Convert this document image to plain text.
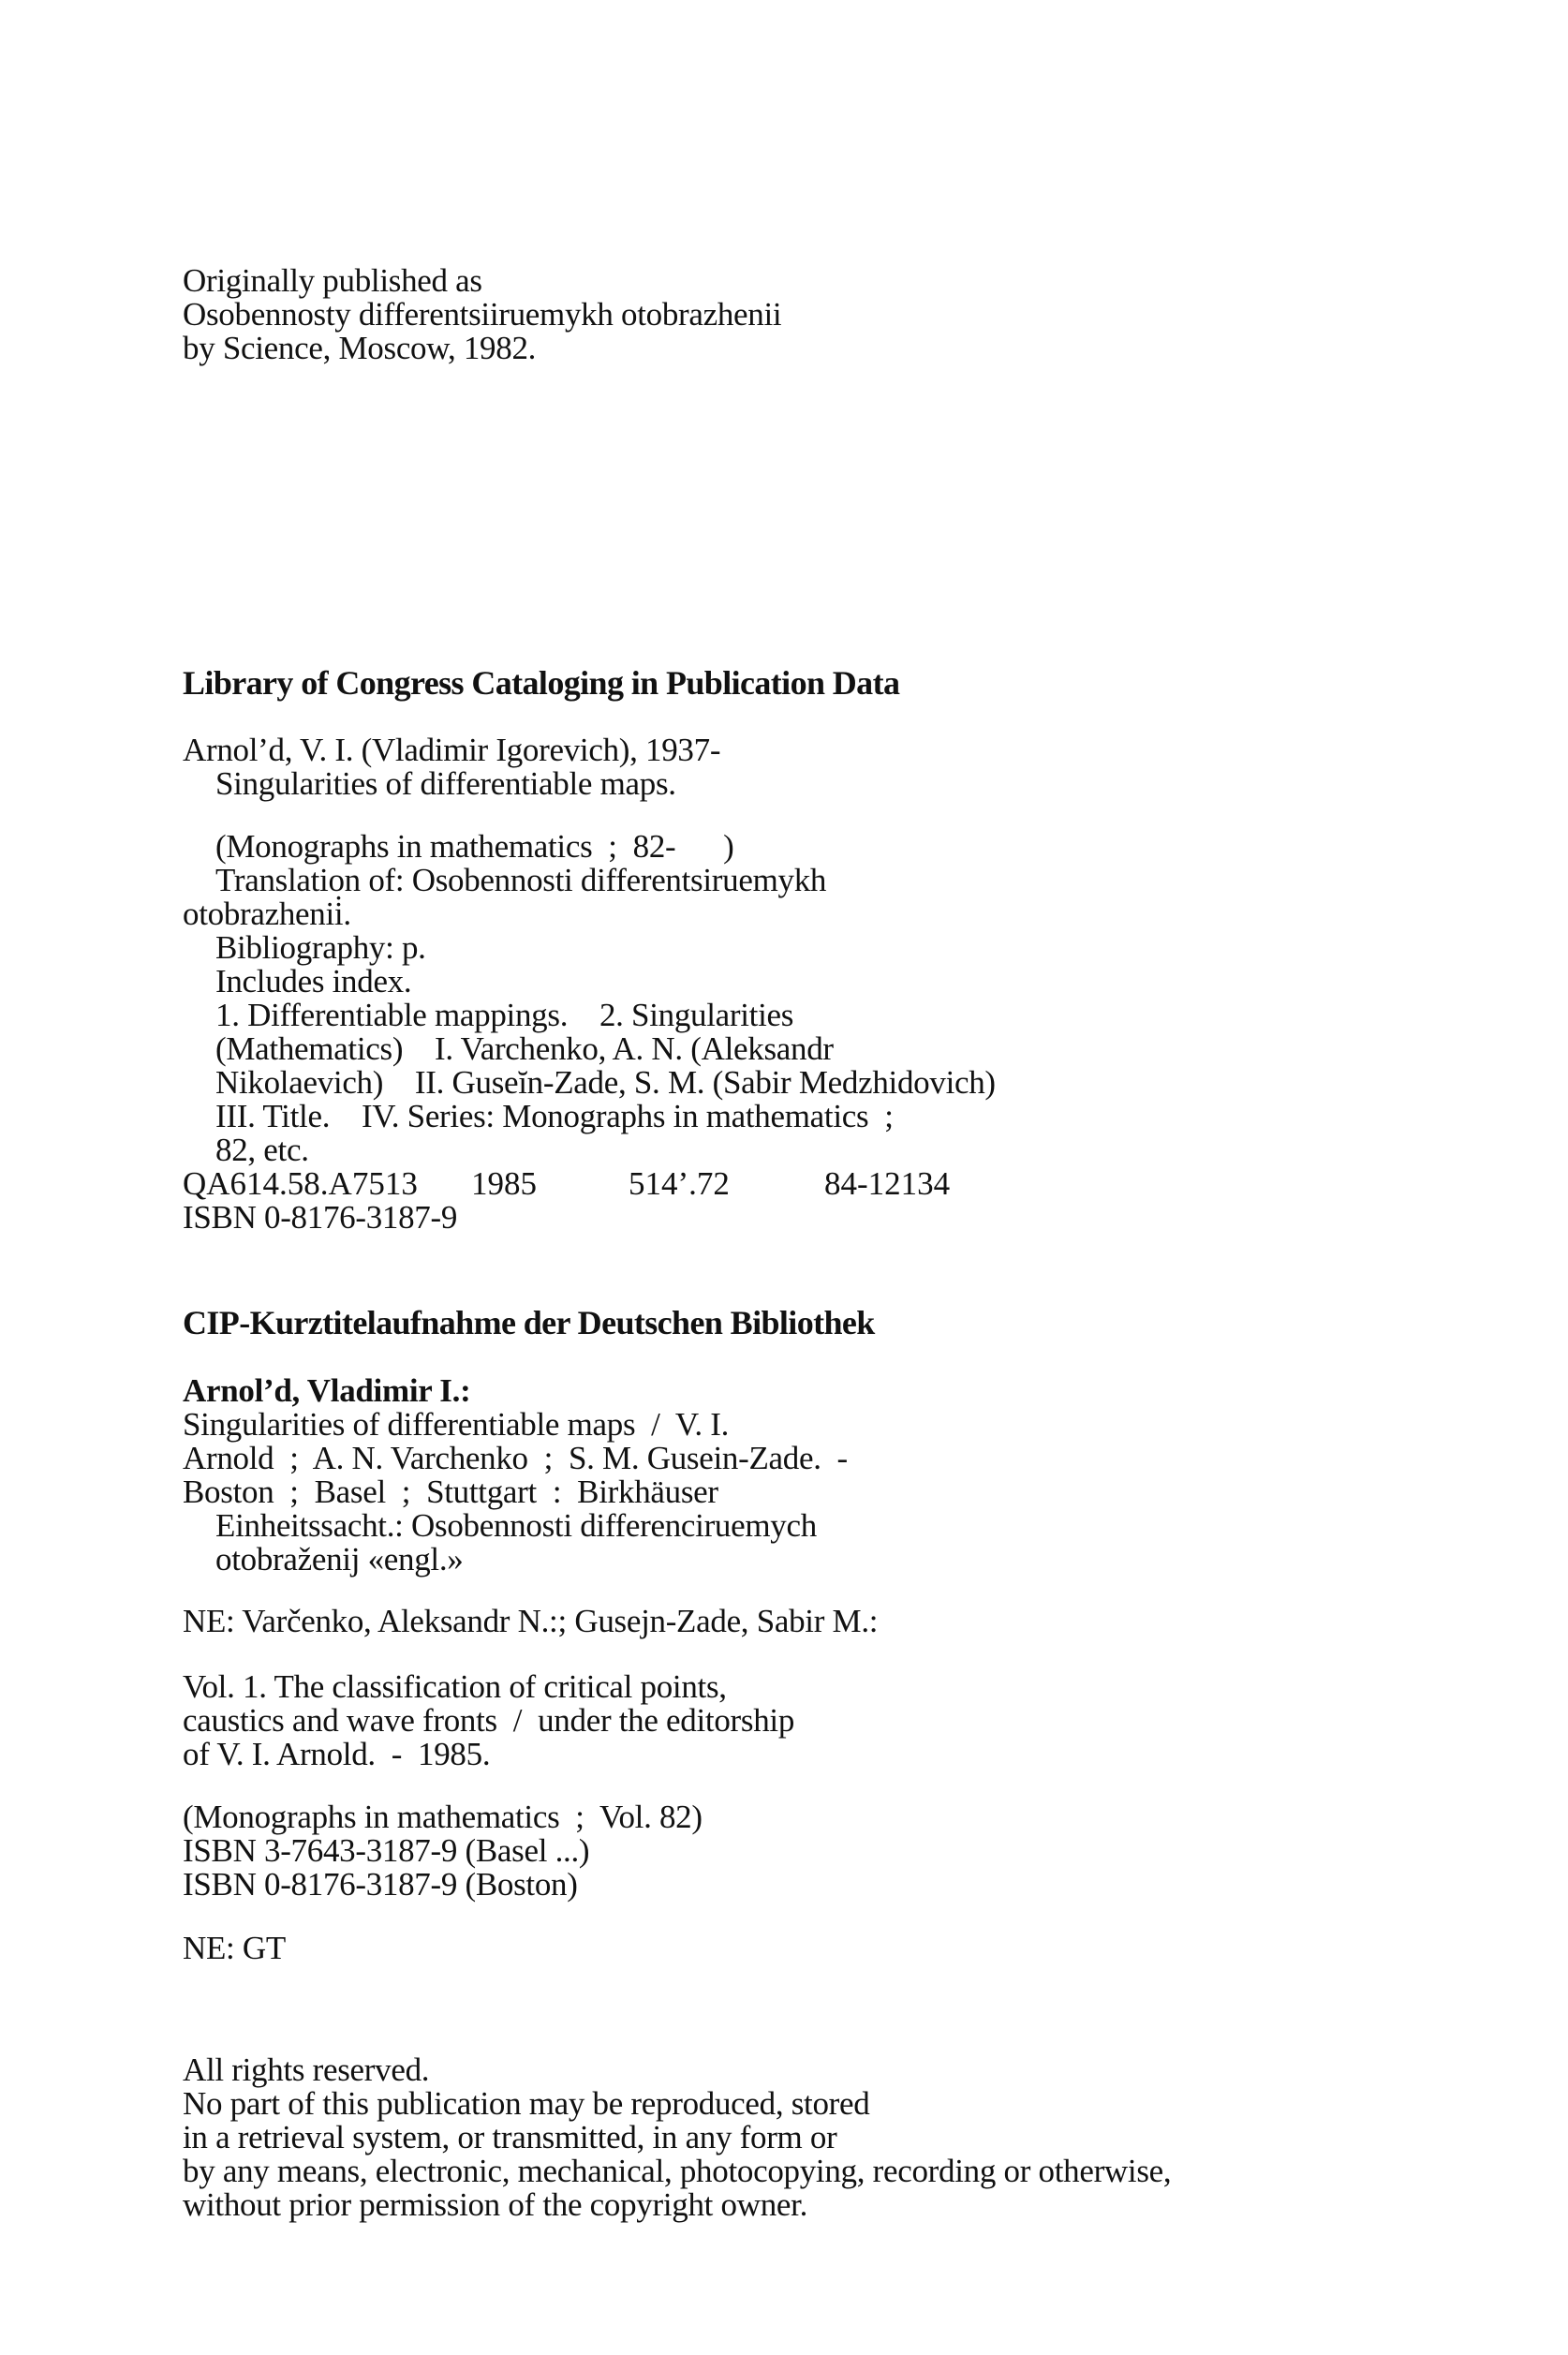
Originally published as
Osobennosty differentsiiruemykh otobrazhenii
by Science, Moscow, 1982.
Library of Congress Cataloging in Publication Data
Arnol’d, V. I. (Vladimir Igorevich), 1937-
Singularities of differentiable maps.
(Monographs in mathematics  ;  82-      )
Translation of: Osobennosti differentsiruemykh
otobrazhenii̇.
Bibliography: p.
Includes index.
1. Differentiable mappings.    2. Singularities
(Mathematics)    I. Varchenko, A. N. (Aleksandr
Nikolaevich)    II. Guseĭn-Zade, S. M. (Sabir Medzhidovich)
III. Title.    IV. Series: Monographs in mathematics  ;
82, etc.
QA614.58.A7513 1985	514’.72	84-12134
ISBN 0-8176-3187-9
CIP-Kurztitelaufnahme der Deutschen Bibliothek
Arnol’d, Vladimir I.:
Singularities of differentiable maps  /  V. I.
Arnold  ;  A. N. Varchenko  ;  S. M. Gusein-Zade.  -
Boston  ;  Basel  ;  Stuttgart  :  Birkhäuser
Einheitssacht.: Osobennosti differenciruemych
otobraženij «engl.»
NE: Varčenko, Aleksandr N.:; Gusejn-Zade, Sabir M.:
Vol. 1. The classification of critical points,
caustics and wave fronts  /  under the editorship
of V. I. Arnold.  -  1985.
(Monographs in mathematics  ;  Vol. 82)
ISBN 3-7643-3187-9 (Basel ...)
ISBN 0-8176-3187-9 (Boston)
NE: GT
All rights reserved.
No part of this publication may be reproduced, stored
in a retrieval system, or transmitted, in any form or
by any means, electronic, mechanical, photocopying, recording or otherwise,
without prior permission of the copyright owner.
